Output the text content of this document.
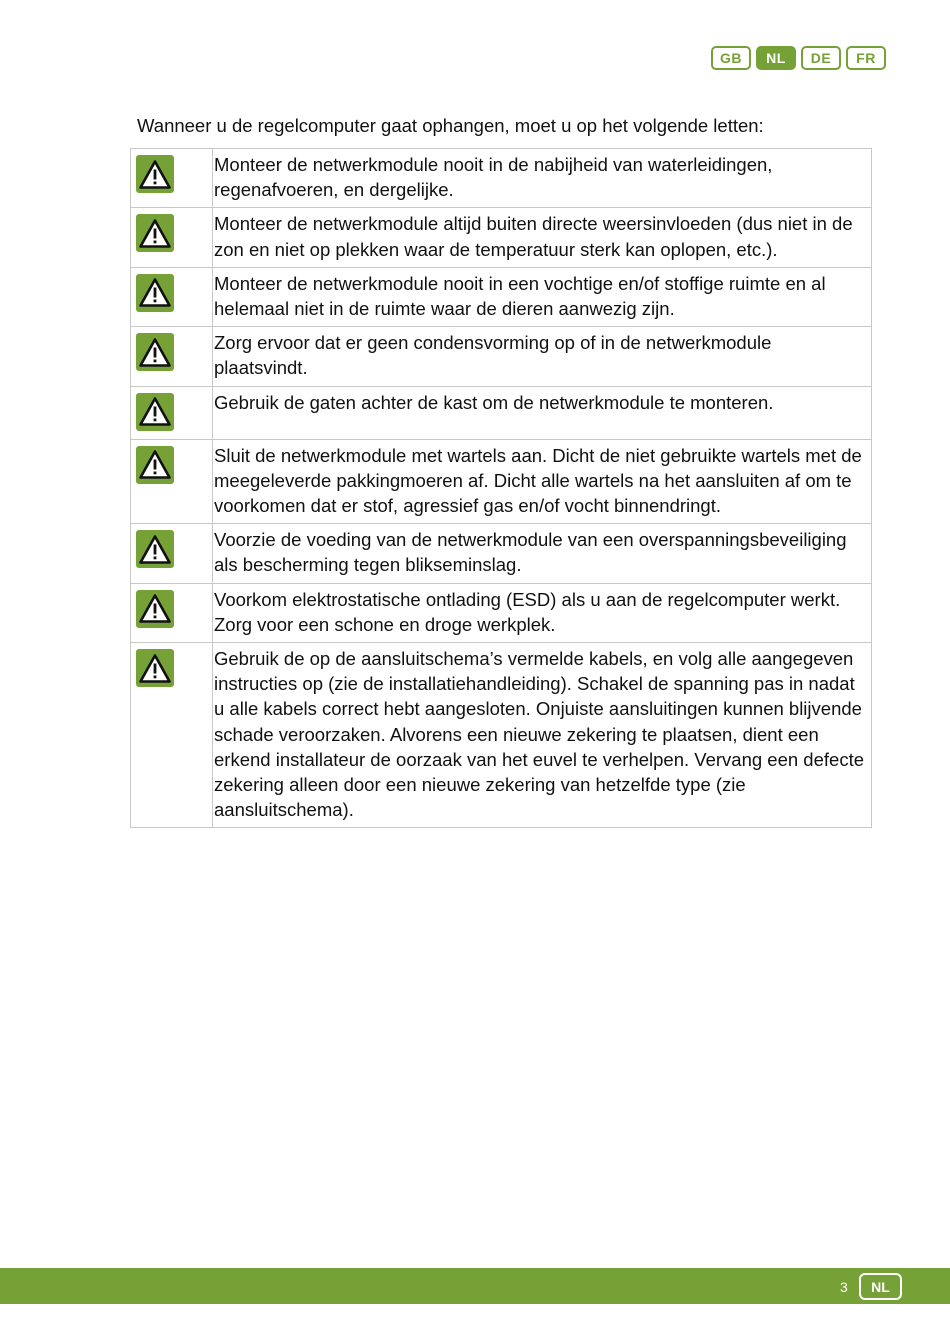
GB	NL	DE	FR
Wanneer u de regelcomputer gaat ophangen, moet u op het volgende letten:
	Monteer de netwerkmodule nooit in de nabijheid van waterleidingen, regenafvoeren, en dergelijke.

	Monteer de netwerkmodule altijd buiten directe weersinvloeden (dus niet in de zon en niet op plekken waar de temperatuur sterk kan oplopen, etc.).

	Monteer de netwerkmodule nooit in een vochtige en/of stoffige ruimte en al helemaal niet in de ruimte waar de dieren aanwezig zijn.

	Zorg ervoor dat er geen condensvorming op of in de netwerkmodule plaatsvindt.

	Gebruik de gaten achter de kast om de netwerkmodule te monteren.

	Sluit de netwerkmodule met wartels aan. Dicht de niet gebruikte wartels met de meegeleverde pakkingmoeren af. Dicht alle wartels na het aansluiten af om te voorkomen dat er stof, agressief gas en/of vocht binnendringt.

	Voorzie de voeding van de netwerkmodule van een overspanningsbeveiliging als bescherming tegen blikseminslag.

	Voorkom elektrostatische ontlading (ESD) als u aan de regelcomputer werkt. Zorg voor een schone en droge werkplek.

	Gebruik de op de aansluitschema’s vermelde kabels, en volg alle aangegeven instructies op (zie de installatiehandleiding). Schakel de spanning pas in nadat u alle kabels correct hebt aangesloten. Onjuiste aansluitingen kunnen blijvende schade veroorzaken. Alvorens een nieuwe zekering te plaatsen, dient een erkend installateur de oorzaak van het euvel te verhelpen. Vervang een defecte zekering alleen door een nieuwe zekering van hetzelfde type (zie aansluitschema).
3	NL
